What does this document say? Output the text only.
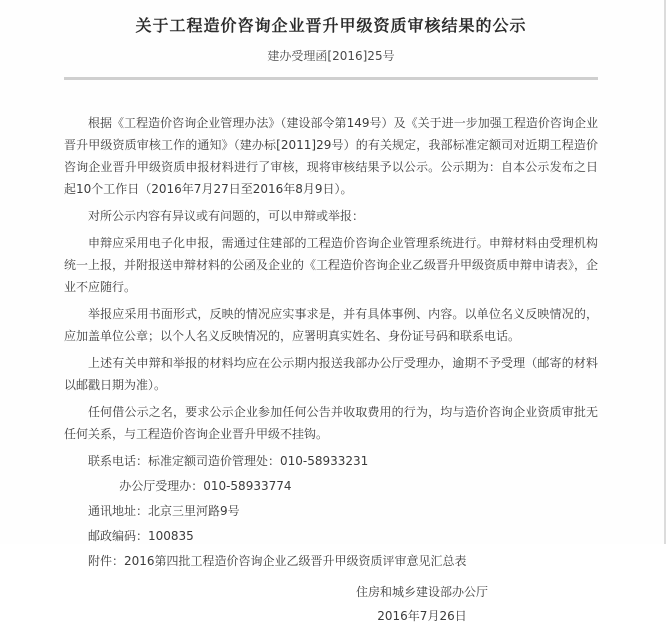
关于工程造价咨询企业晋升甲级资质审核结果的公示
建办受理函[2016]25号

根据《工程造价咨询企业管理办法》（建设部令第149号）及《关于进一步加强工程造价咨询企业晋升甲级资质审核工作的通知》（建办标[2011]29号）的有关规定，我部标准定额司对近期工程造价咨询企业晋升甲级资质申报材料进行了审核，现将审核结果予以公示。公示期为：自本公示发布之日起10个工作日（2016年7月27日至2016年8月9日）。

对所公示内容有异议或有问题的，可以申辩或举报：

申辩应采用电子化申报，需通过住建部的工程造价咨询企业管理系统进行。申辩材料由受理机构统一上报，并附报送申辩材料的公函及企业的《工程造价咨询企业乙级晋升甲级资质申辩申请表》，企业不应随行。

举报应采用书面形式，反映的情况应实事求是，并有具体事例、内容。以单位名义反映情况的，应加盖单位公章；以个人名义反映情况的，应署明真实姓名、身份证号码和联系电话。

上述有关申辩和举报的材料均应在公示期内报送我部办公厅受理办，逾期不予受理（邮寄的材料以邮戳日期为准）。

任何借公示之名，要求公示企业参加任何公告并收取费用的行为，均与造价咨询企业资质审批无任何关系，与工程造价咨询企业晋升甲级不挂钩。

联系电话：标准定额司造价管理处：010-58933231

办公厅受理办：010-58933774

通讯地址：北京三里河路9号

邮政编码：100835

附件：2016第四批工程造价咨询企业乙级晋升甲级资质评审意见汇总表

住房和城乡建设部办公厅

2016年7月26日
